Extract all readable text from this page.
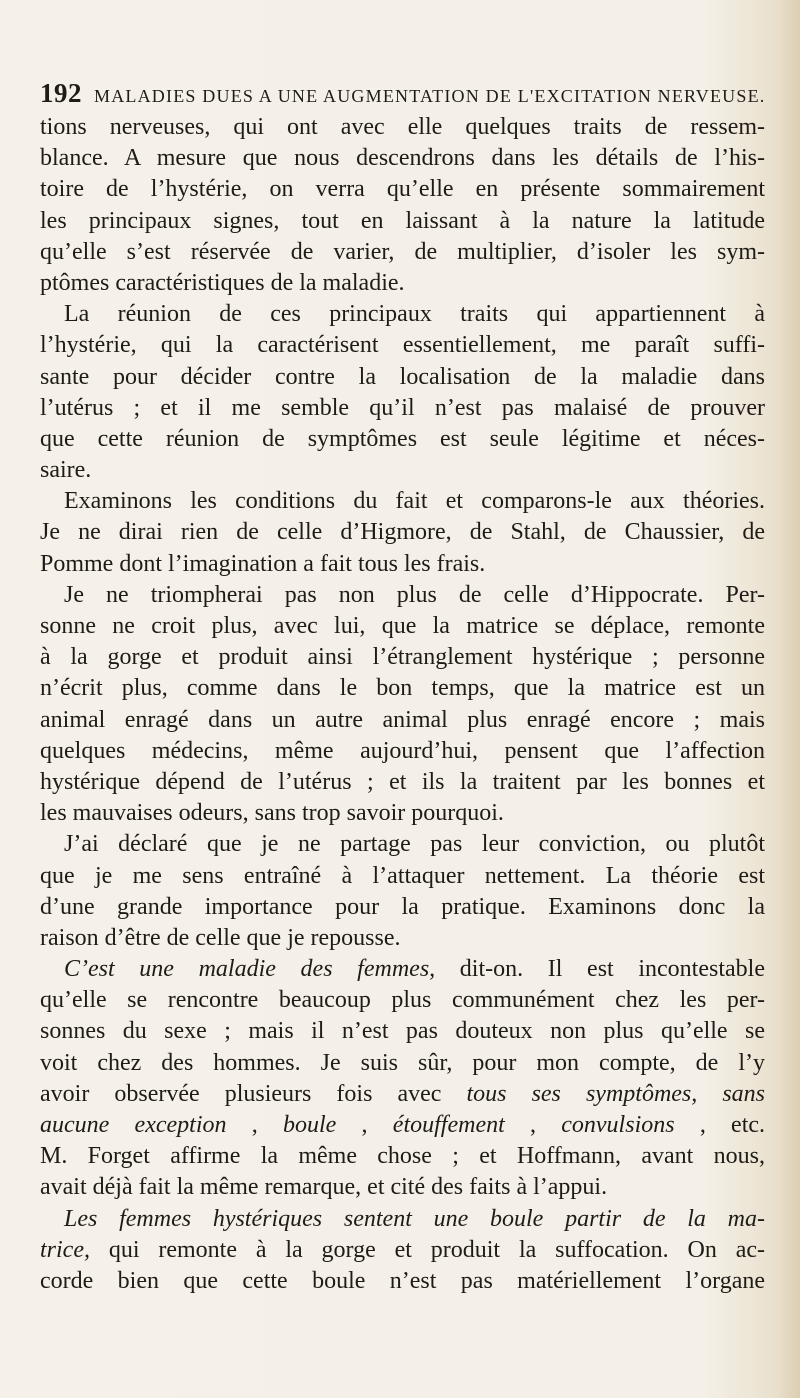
192 MALADIES DUES A UNE AUGMENTATION DE L'EXCITATION NERVEUSE.
tions nerveuses, qui ont avec elle quelques traits de ressem-
blance. A mesure que nous descendrons dans les détails de l’his-
toire de l’hystérie, on verra qu’elle en présente sommairement
les principaux signes, tout en laissant à la nature la latitude
qu’elle s’est réservée de varier, de multiplier, d’isoler les sym-
ptômes caractéristiques de la maladie.
La réunion de ces principaux traits qui appartiennent à
l’hystérie, qui la caractérisent essentiellement, me paraît suffi-
sante pour décider contre la localisation de la maladie dans
l’utérus ; et il me semble qu’il n’est pas malaisé de prouver
que cette réunion de symptômes est seule légitime et néces-
saire.
Examinons les conditions du fait et comparons-le aux théories.
Je ne dirai rien de celle d’Higmore, de Stahl, de Chaussier, de
Pomme dont l’imagination a fait tous les frais.
Je ne triompherai pas non plus de celle d’Hippocrate. Per-
sonne ne croit plus, avec lui, que la matrice se déplace, remonte
à la gorge et produit ainsi l’étranglement hystérique ; personne
n’écrit plus, comme dans le bon temps, que la matrice est un
animal enragé dans un autre animal plus enragé encore ; mais
quelques médecins, même aujourd’hui, pensent que l’affection
hystérique dépend de l’utérus ; et ils la traitent par les bonnes et
les mauvaises odeurs, sans trop savoir pourquoi.
J’ai déclaré que je ne partage pas leur conviction, ou plutôt
que je me sens entraîné à l’attaquer nettement. La théorie est
d’une grande importance pour la pratique. Examinons donc la
raison d’être de celle que je repousse.
C’est une maladie des femmes, dit-on. Il est incontestable
qu’elle se rencontre beaucoup plus communément chez les per-
sonnes du sexe ; mais il n’est pas douteux non plus qu’elle se
voit chez des hommes. Je suis sûr, pour mon compte, de l’y
avoir observée plusieurs fois avec tous ses symptômes, sans
aucune exception , boule , étouffement , convulsions , etc.
M. Forget affirme la même chose ; et Hoffmann, avant nous,
avait déjà fait la même remarque, et cité des faits à l’appui.
Les femmes hystériques sentent une boule partir de la ma-
trice, qui remonte à la gorge et produit la suffocation. On ac-
corde bien que cette boule n’est pas matériellement l’organe
